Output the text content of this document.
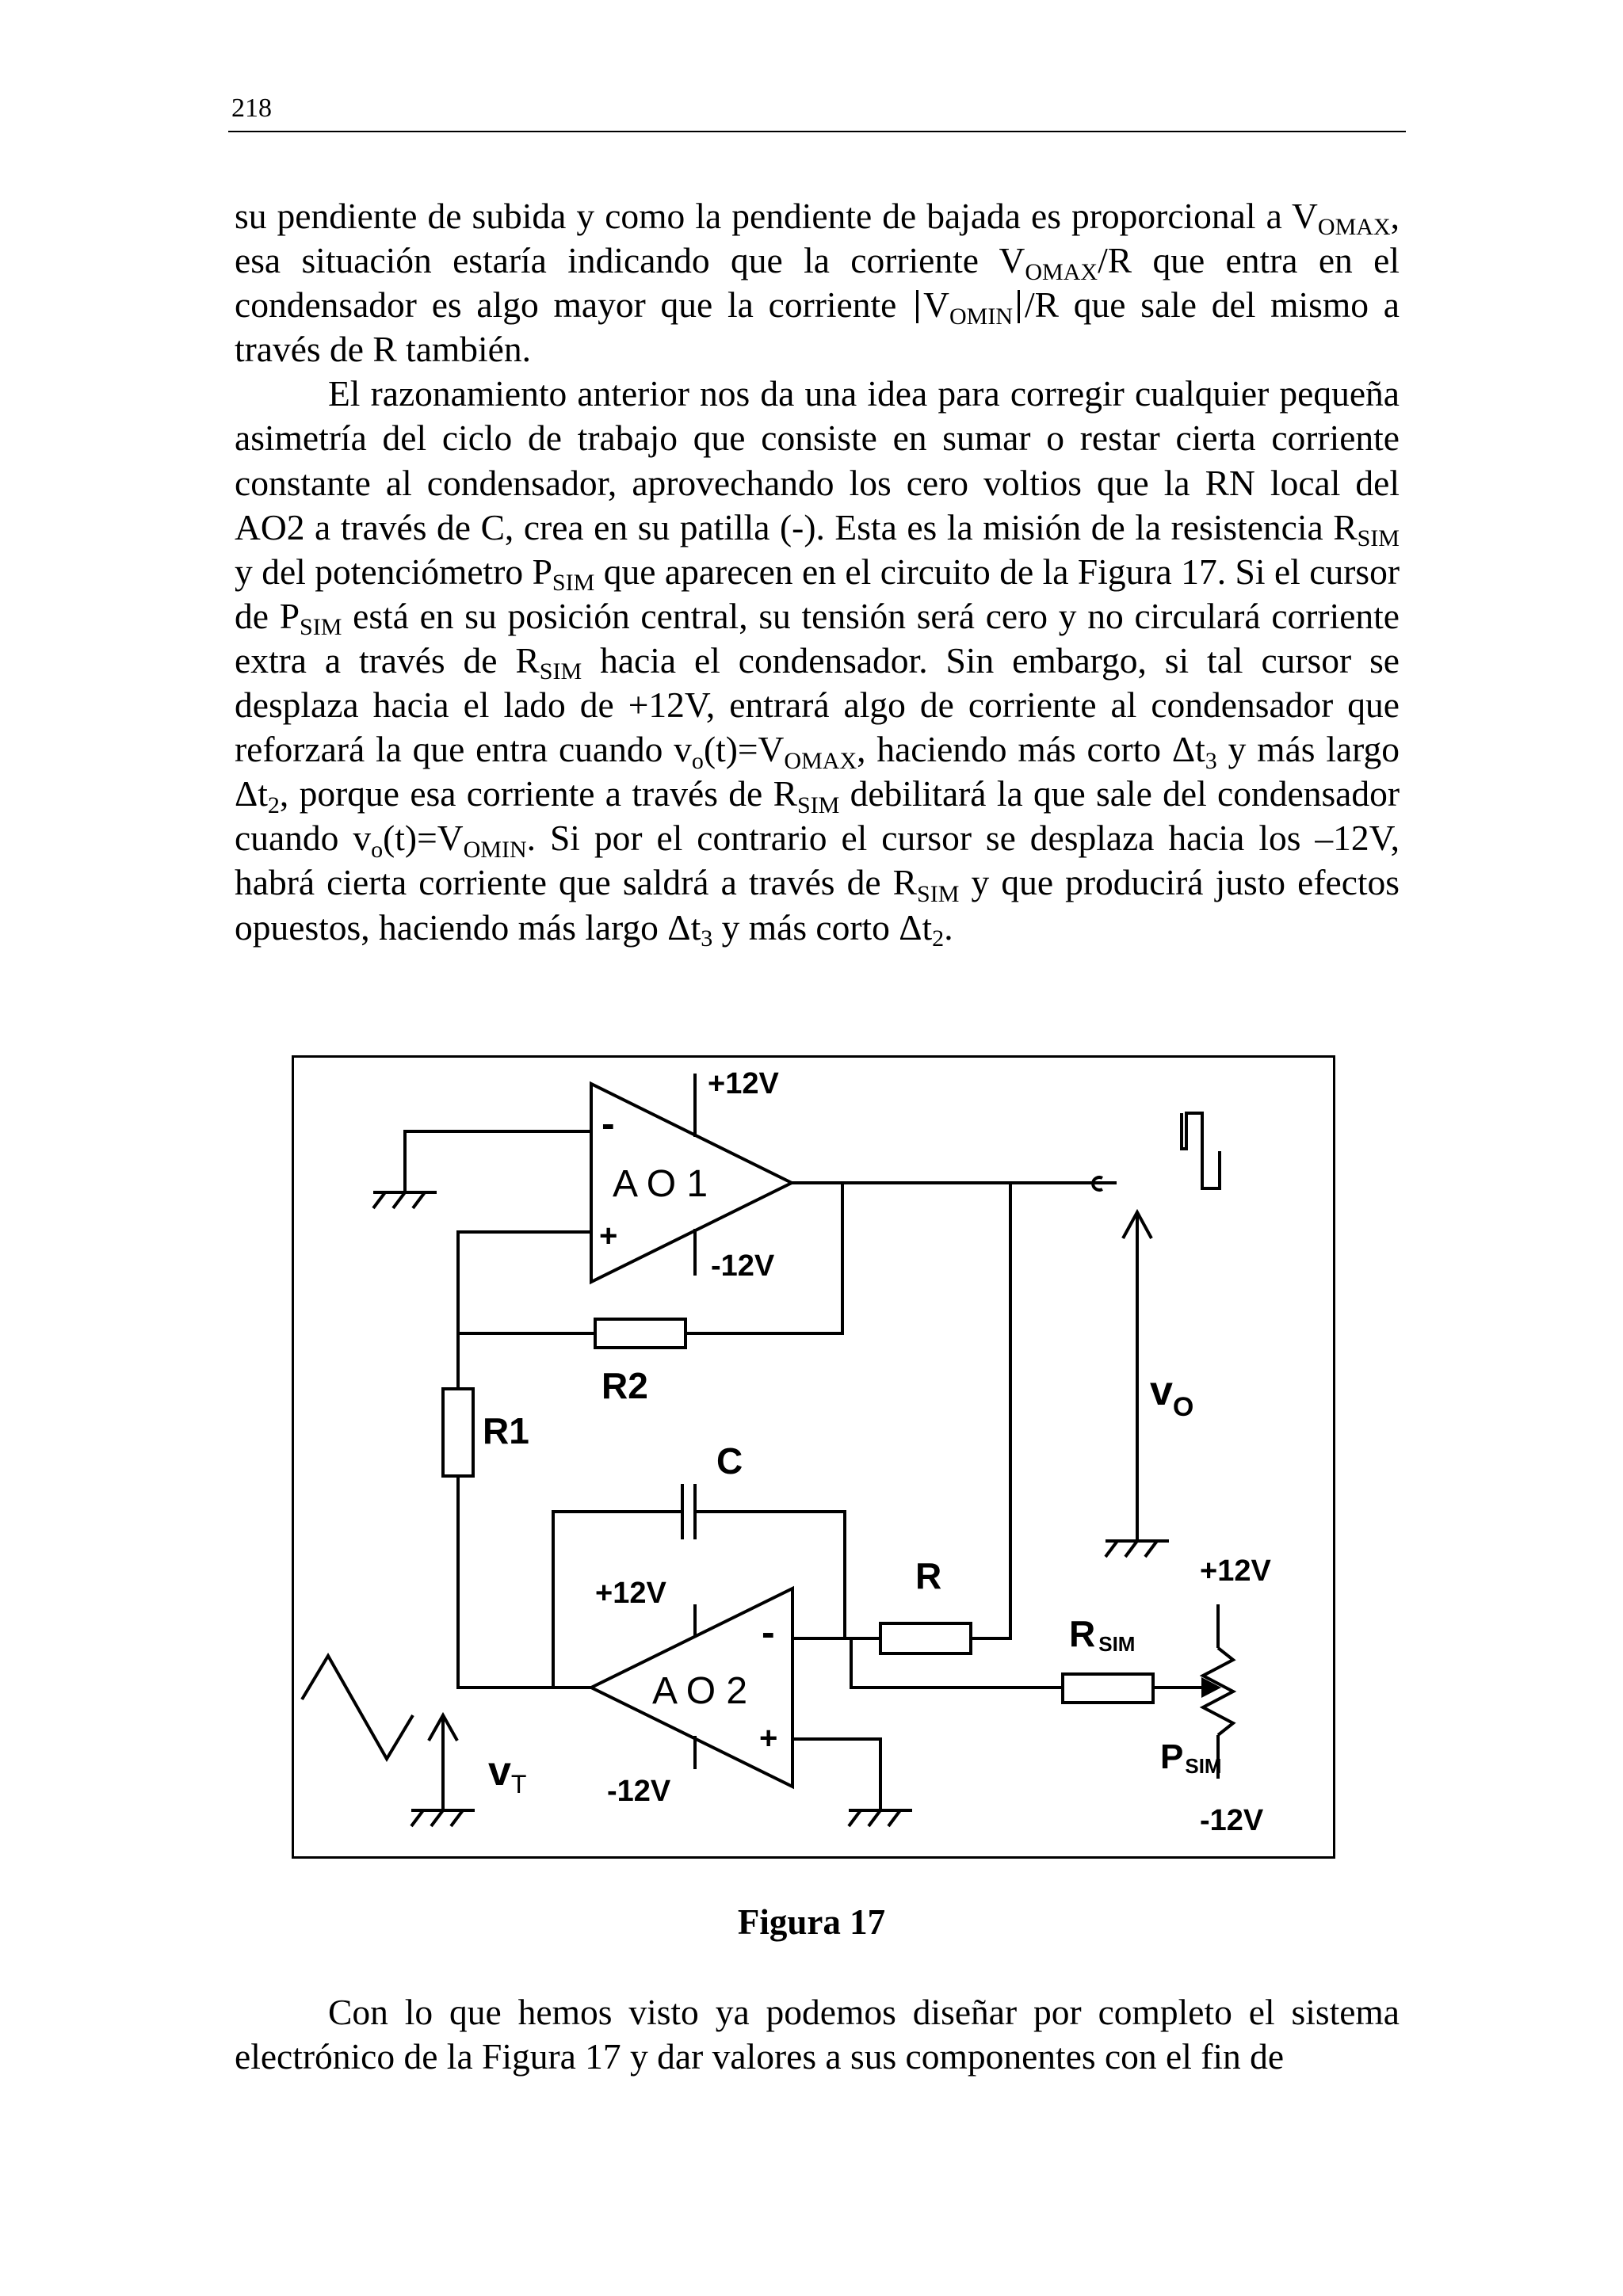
218

su pendiente de subida y como la pendiente de bajada es proporcional a $V_{OMAX}$, esa situación estaría indicando que la corriente $V_{OMAX}/R$ que entra en el condensador es algo mayor que la corriente $V_{OMIN}$ /R que sale del mismo a través de R también.

El razonamiento anterior nos da una idea para corregir cualquier pequeña asimetría del ciclo de trabajo que consiste en sumar o restar cierta corriente constante al condensador, aprovechando los cero voltios que la RN local del AO2 a través de C, crea en su patilla (-). Esta es la misión de la resistencia $R_{SIM}$ y del potenciómetro $P_{SIM}$ que aparecen en el circuito de la Figura 17. Si el cursor de $P_{SIM}$ está en su posición central, su tensión será cero y no circulará corriente extra a través de $R_{SIM}$ hacia el condensador. Sin embargo, si tal cursor se desplaza hacia el lado de +12V, entrará algo de corriente al condensador que reforzará la que entra cuando $v_o(t)=V_{OMAX}$, haciendo más corto $\Delta t_3$ y más largo $\Delta t_2$, porque esa corriente a través de $R_{SIM}$ debilitará la que sale del condensador cuando $v_o(t)=V_{OMIN}$. Si por el contrario el cursor se desplaza hacia los –12V, habrá cierta corriente que saldrá a través de $R_{SIM}$ y que producirá justo efectos opuestos, haciendo más largo $\Delta t_3$ y más corto $\Delta t_2$.

-
A O 1
+
+12V
-12V
R2
R1
C
$v_O$
+12V
-
A O 2
+
-12V
R
RSIM
PSIM
+12V
-12V
vT
Figura 17

Con lo que hemos visto ya podemos diseñar por completo el sistema electrónico de la Figura 17 y dar valores a sus componentes con el fin de
